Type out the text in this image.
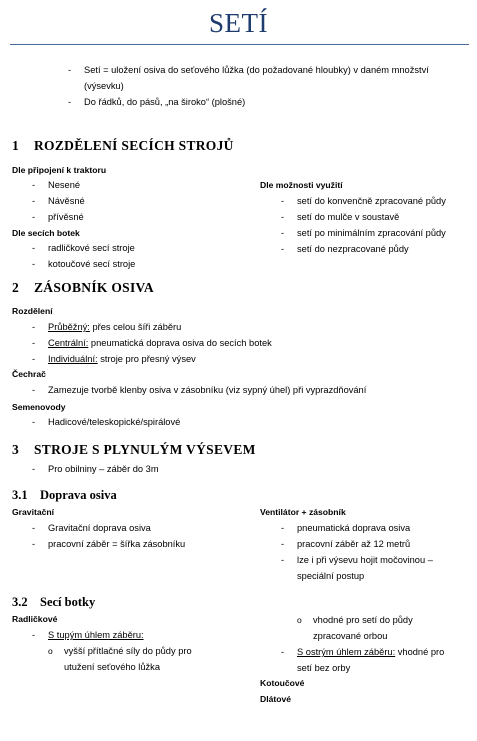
SETÍ
- Setí = uložení osiva do seťového lůžka (do požadované hloubky) v daném množství
(výsevku)
- Do řádků, do pásů, „na široko“ (plošné)
1 ROZDĚLENÍ SECÍCH STROJŮ
Dle připojení k traktoru
- Nesené
- Návěsné
- přívěsné
Dle secích botek
- radličkové secí stroje
- kotoučové secí stroje
Dle možnosti využití
- setí do konvenčně zpracované půdy
- setí do mulče v soustavě
- setí po minimálním zpracování půdy
- setí do nezpracované půdy
2 ZÁSOBNÍK OSIVA
Rozdělení
- Průběžný: přes celou šíři záběru
- Centrální: pneumatická doprava osiva do secích botek
- Individuální: stroje pro přesný výsev
Čechrač
- Zamezuje tvorbě klenby osiva v zásobníku (viz sypný úhel) při vyprazdňování
Semenovody
- Hadicové/teleskopické/spirálové
3 STROJE S PLYNULÝM VÝSEVEM
- Pro obilniny – záběr do 3m
3.1 Doprava osiva
Gravitační
- Gravitační doprava osiva
- pracovní záběr = šířka zásobníku
Ventilátor + zásobník
- pneumatická doprava osiva
- pracovní záběr až 12 metrů
- lze i při výsevu hojit močovinou –
speciální postup
3.2 Secí botky
Radličkové
- S tupým úhlem záběru:
o vyšší přítlačné síly do půdy pro
utužení seťového lůžka
o vhodné pro setí do půdy
zpracované orbou
- S ostrým úhlem záběru: vhodné pro
setí bez orby
Kotoučové
Dlátové
